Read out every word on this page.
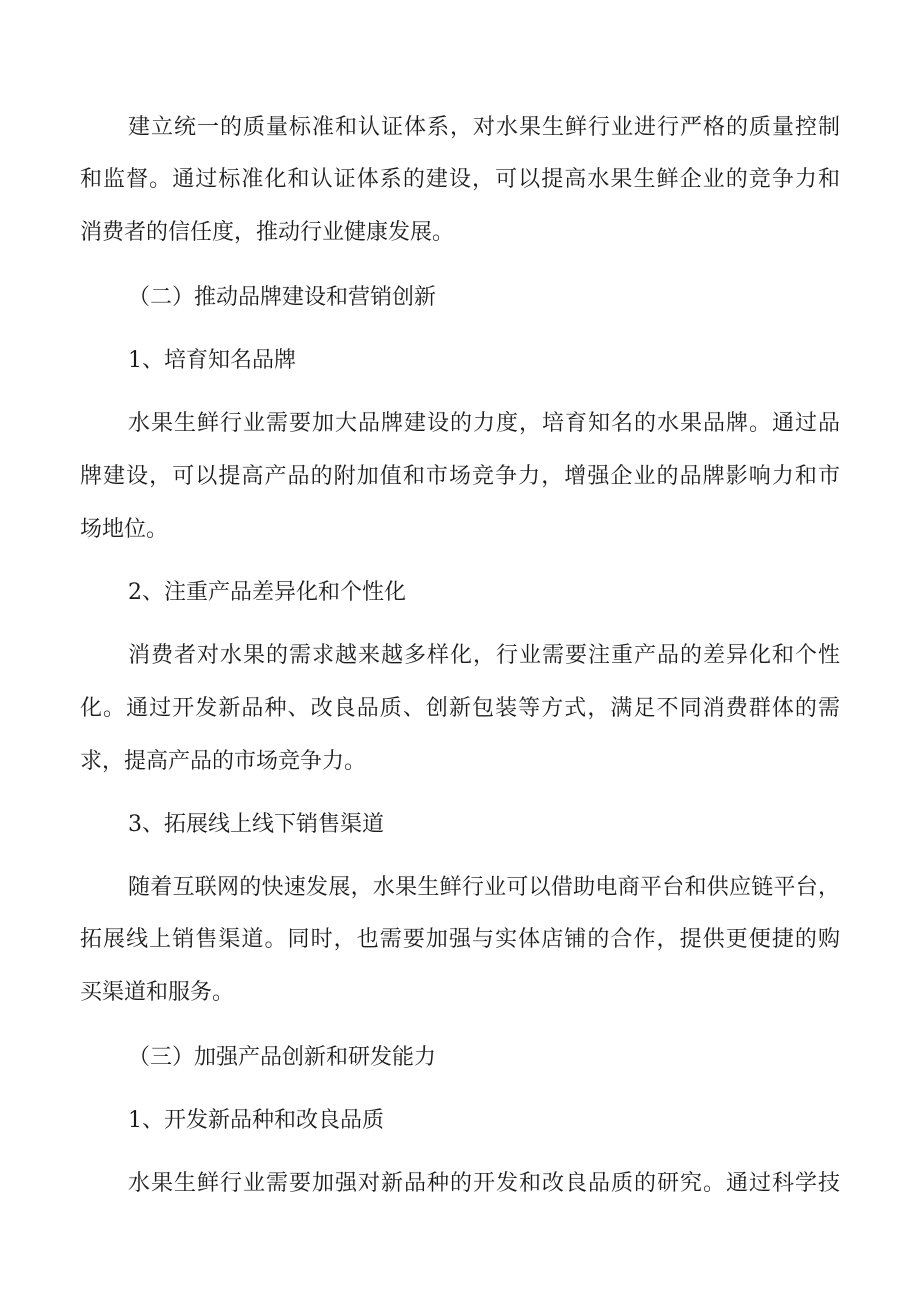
建立统一的质量标准和认证体系，对水果生鲜行业进行严格的质量控制
和监督。通过标准化和认证体系的建设，可以提高水果生鲜企业的竞争力和
消费者的信任度，推动行业健康发展。
（二）推动品牌建设和营销创新
1、培育知名品牌
水果生鲜行业需要加大品牌建设的力度，培育知名的水果品牌。通过品
牌建设，可以提高产品的附加值和市场竞争力，增强企业的品牌影响力和市
场地位。
2、注重产品差异化和个性化
消费者对水果的需求越来越多样化，行业需要注重产品的差异化和个性
化。通过开发新品种、改良品质、创新包装等方式，满足不同消费群体的需
求，提高产品的市场竞争力。
3、拓展线上线下销售渠道
随着互联网的快速发展，水果生鲜行业可以借助电商平台和供应链平台，
拓展线上销售渠道。同时，也需要加强与实体店铺的合作，提供更便捷的购
买渠道和服务。
（三）加强产品创新和研发能力
1、开发新品种和改良品质
水果生鲜行业需要加强对新品种的开发和改良品质的研究。通过科学技
